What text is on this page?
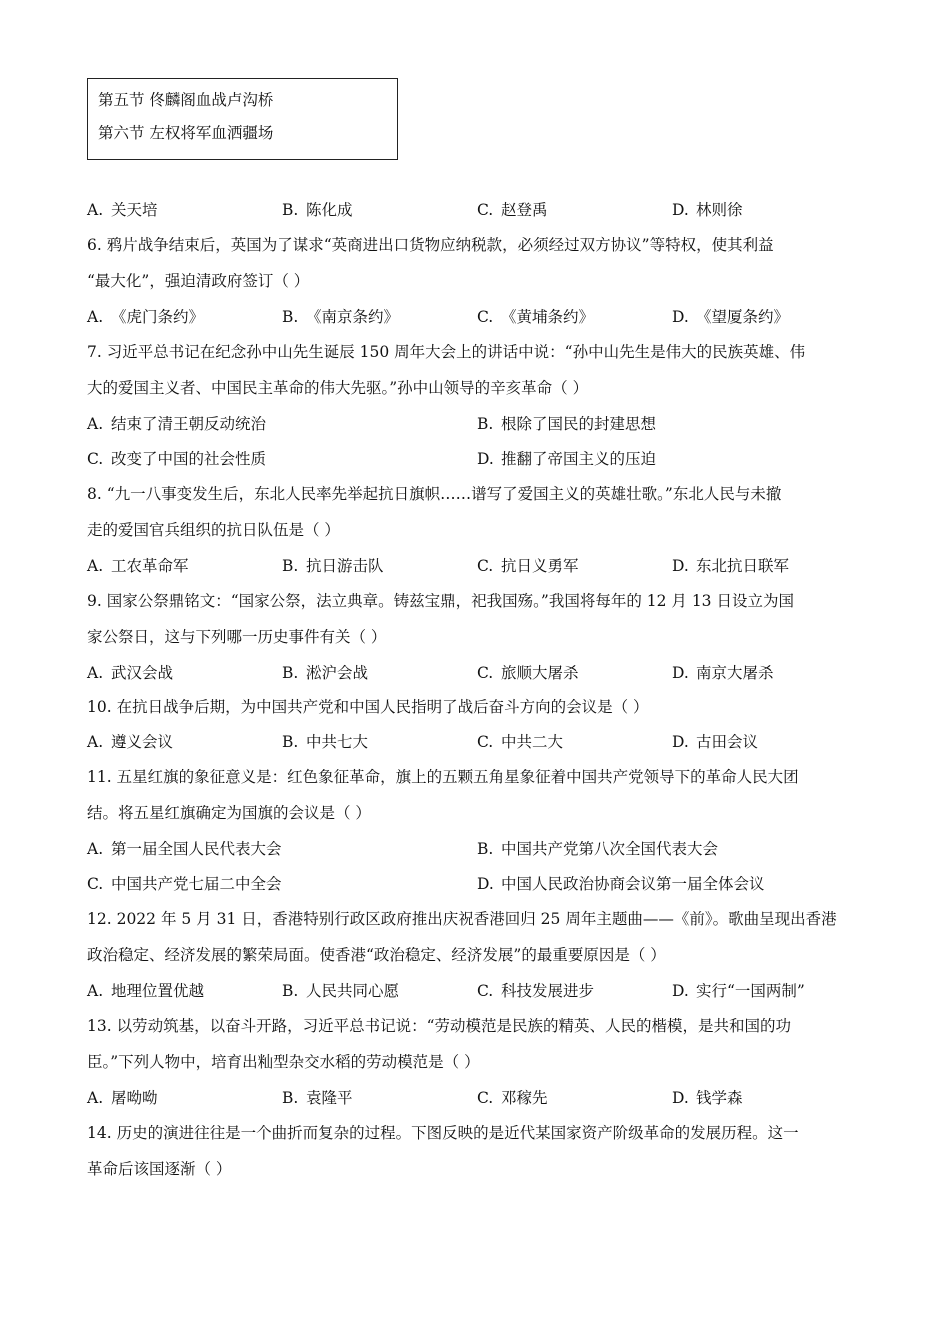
第五节 佟麟阁血战卢沟桥
第六节 左权将军血洒疆场
A. 关天培	B. 陈化成	C. 赵登禹	D. 林则徐
6. 鸦片战争结束后，英国为了谋求“英商进出口货物应纳税款，必须经过双方协议”等特权，使其利益
“最大化”，强迫清政府签订（ ）
A. 《虎门条约》	B. 《南京条约》	C. 《黄埔条约》	D. 《望厦条约》
7. 习近平总书记在纪念孙中山先生诞辰 150 周年大会上的讲话中说：“孙中山先生是伟大的民族英雄、伟
大的爱国主义者、中国民主革命的伟大先驱。”孙中山领导的辛亥革命（ ）
A. 结束了清王朝反动统治	B. 根除了国民的封建思想
C. 改变了中国的社会性质	D. 推翻了帝国主义的压迫
8. “九一八事变发生后，东北人民率先举起抗日旗帜……谱写了爱国主义的英雄壮歌。”东北人民与未撤
走的爱国官兵组织的抗日队伍是（ ）
A. 工农革命军	B. 抗日游击队	C. 抗日义勇军	D. 东北抗日联军
9. 国家公祭鼎铭文：“国家公祭，法立典章。铸兹宝鼎，祀我国殇。”我国将每年的 12 月 13 日设立为国
家公祭日，这与下列哪一历史事件有关（ ）
A. 武汉会战	B. 淞沪会战	C. 旅顺大屠杀	D. 南京大屠杀
10. 在抗日战争后期，为中国共产党和中国人民指明了战后奋斗方向的会议是（ ）
A. 遵义会议	B. 中共七大	C. 中共二大	D. 古田会议
11. 五星红旗的象征意义是：红色象征革命，旗上的五颗五角星象征着中国共产党领导下的革命人民大团
结。将五星红旗确定为国旗的会议是（ ）
A. 第一届全国人民代表大会	B. 中国共产党第八次全国代表大会
C. 中国共产党七届二中全会	D. 中国人民政治协商会议第一届全体会议
12. 2022 年 5 月 31 日，香港特别行政区政府推出庆祝香港回归 25 周年主题曲——《前》。歌曲呈现出香港
政治稳定、经济发展的繁荣局面。使香港“政治稳定、经济发展”的最重要原因是（ ）
A. 地理位置优越	B. 人民共同心愿	C. 科技发展进步	D. 实行“一国两制”
13. 以劳动筑基，以奋斗开路，习近平总书记说：“劳动模范是民族的精英、人民的楷模，是共和国的功
臣。”下列人物中，培育出籼型杂交水稻的劳动模范是（ ）
A. 屠呦呦	B. 袁隆平	C. 邓稼先	D. 钱学森
14. 历史的演进往往是一个曲折而复杂的过程。下图反映的是近代某国家资产阶级革命的发展历程。这一
革命后该国逐渐（ ）
